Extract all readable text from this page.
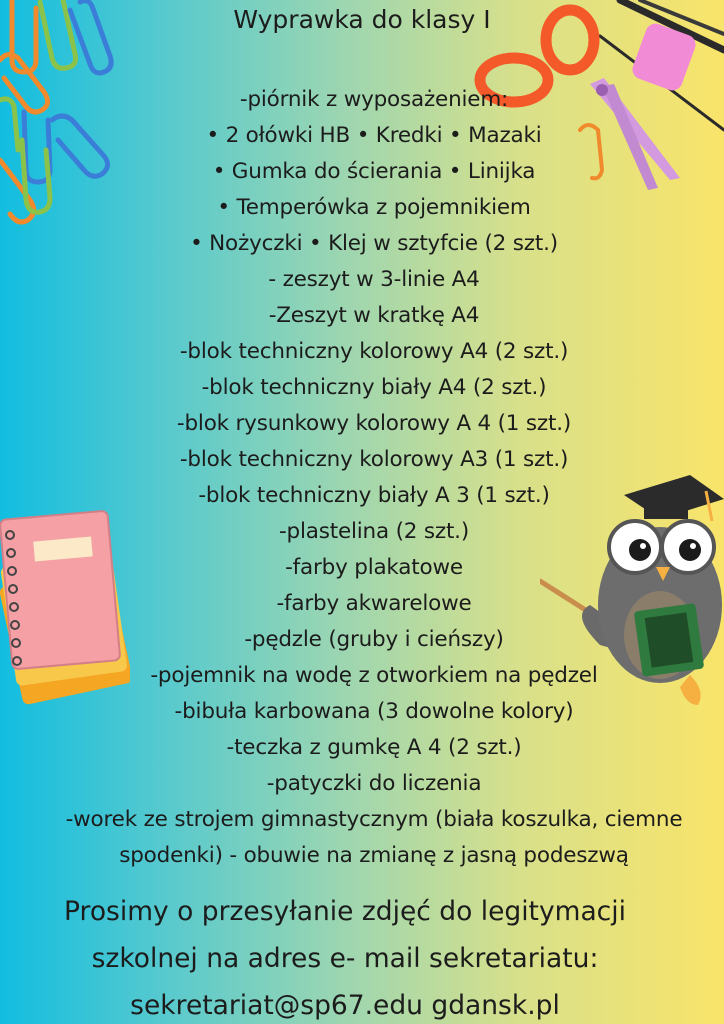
Wyprawka do klasy I
-piórnik z wyposażeniem:
• 2 ołówki HB • Kredki • Mazaki
• Gumka do ścierania • Linijka
• Temperówka z pojemnikiem
• Nożyczki • Klej w sztyfcie (2 szt.)
- zeszyt w 3-linie A4
-Zeszyt w kratkę A4
-blok techniczny kolorowy A4 (2 szt.)
-blok techniczny biały A4 (2 szt.)
-blok rysunkowy kolorowy A 4 (1 szt.)
-blok techniczny kolorowy A3 (1 szt.)
-blok techniczny biały A 3 (1 szt.)
-plastelina (2 szt.)
-farby plakatowe
-farby akwarelowe
-pędzle (gruby i cieńszy)
-pojemnik na wodę z otworkiem na pędzel
-bibuła karbowana (3 dowolne kolory)
-teczka z gumkę A 4 (2 szt.)
-patyczki do liczenia
-worek ze strojem gimnastycznym (biała koszulka, ciemne
spodenki) - obuwie na zmianę z jasną podeszwą
Prosimy o przesyłanie zdjęć do legitymacji
szkolnej na adres e- mail sekretariatu:
sekretariat@sp67.edu gdansk.pl
